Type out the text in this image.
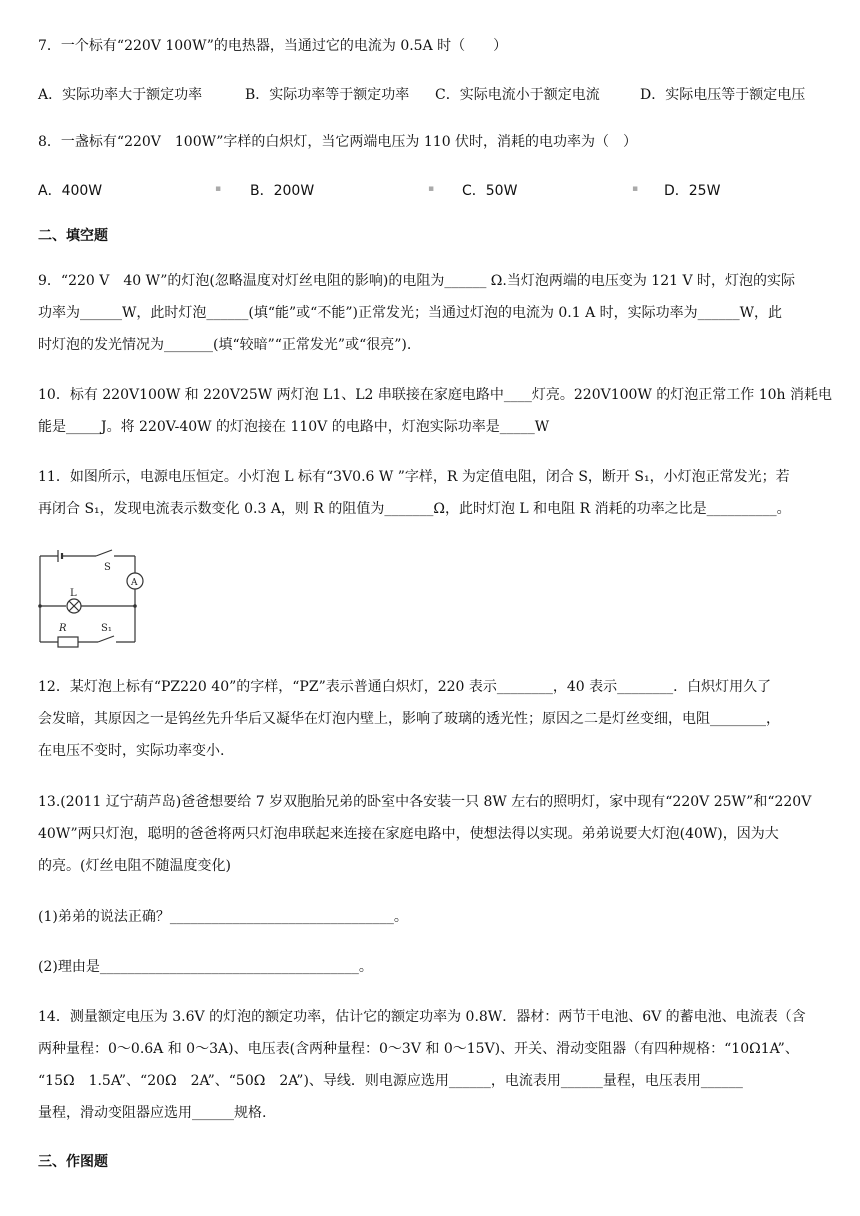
7．一个标有“220V 100W”的电热器，当通过它的电流为 0.5A 时（　　）
A．实际功率大于额定功率	B．实际功率等于额定功率 C．实际电流小于额定电流	D．实际电压等于额定电压
8．一盏标有“220V　100W”字样的白炽灯，当它两端电压为 110 伏时，消耗的电功率为（　）
A．400W	B．200W	C．50W	D．25W
▪	▪	▪
二、填空题
9．“220 V　40 W”的灯泡(忽略温度对灯丝电阻的影响)的电阻为______ Ω.当灯泡两端的电压变为 121 V 时，灯泡的实际
功率为______W，此时灯泡______(填“能”或“不能”)正常发光；当通过灯泡的电流为 0.1 A 时，实际功率为______W，此
时灯泡的发光情况为_______(填“较暗”“正常发光”或“很亮”).
10．标有 220V100W 和 220V25W 两灯泡 L1、L2 串联接在家庭电路中____灯亮。220V100W 的灯泡正常工作 10h 消耗电
能是_____J。将 220V-40W 的灯泡接在 110V 的电路中，灯泡实际功率是_____W
11．如图所示，电源电压恒定。小灯泡 L 标有“3V0.6 W ”字样，R 为定值电阻，闭合 S，断开 S₁，小灯泡正常发光；若
再闭合 S₁，发现电流表示数变化 0.3 A，则 R 的阻值为_______Ω，此时灯泡 L 和电阻 R 消耗的功率之比是__________。
S
A
L
R	S₁
12．某灯泡上标有“PZ220 40”的字样，“PZ”表示普通白炽灯，220 表示________，40 表示________．白炽灯用久了
会发暗，其原因之一是钨丝先升华后又凝华在灯泡内壁上，影响了玻璃的透光性；原因之二是灯丝变细，电阻________，
在电压不变时，实际功率变小.
13.(2011 辽宁葫芦岛)爸爸想要给 7 岁双胞胎兄弟的卧室中各安装一只 8W 左右的照明灯，家中现有“220V 25W”和“220V
40W”两只灯泡，聪明的爸爸将两只灯泡串联起来连接在家庭电路中，使想法得以实现。弟弟说要大灯泡(40W)，因为大
的亮。(灯丝电阻不随温度变化)
(1)弟弟的说法正确？________________________________。
(2)理由是_____________________________________。
14．测量额定电压为 3.6V 的灯泡的额定功率，估计它的额定功率为 0.8W．器材：两节干电池、6V 的蓄电池、电流表（含
两种量程：0～0.6A 和 0～3A)、电压表(含两种量程：0～3V 和 0～15V)、开关、滑动变阻器（有四种规格：“10Ω1A”、
“15Ω　1.5A”、“20Ω　2A”、“50Ω　2A”)、导线．则电源应选用______，电流表用______量程，电压表用______
量程，滑动变阻器应选用______规格.
三、作图题
